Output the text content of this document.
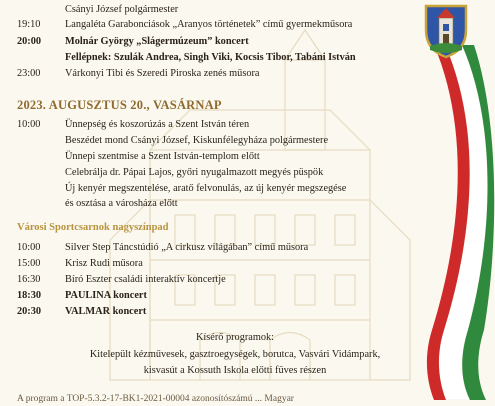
Csányi József polgármester
19:10 Langaléta Garabonciások „Aranyos történetek” című gyermekműsora
20:00 Molnár György „Slágermúzeum” koncert
Fellépnek: Szulák Andrea, Singh Viki, Kocsis Tibor, Tabáni István
23:00 Várkonyi Tibi és Szeredi Piroska zenés műsora
2023. AUGUSZTUS 20., VASÁRNAP
10:00 Ünnepség és koszorúzás a Szent István téren
Beszédet mond Csányi József, Kiskunfélegyháza polgármestere
Ünnepi szentmise a Szent István-templom előtt
Celebrálja dr. Pápai Lajos, győri nyugalmazott megyés püspök
Új kenyér megszentelése, aratő felvonulás, az új kenyér megszegése
és osztása a városháza előtt
Városi Sportcsarnok nagyszínpad
10:00 Silver Step Táncstúdió „A cirkusz világában” című műsora
15:00 Krisz Rudi műsora
16:30 Bíró Eszter családi interaktív koncertje
18:30 PAULINA koncert
20:30 VALMAR koncert
Kísérő programok:
Kitelepült kézművesek, gasztroegységek, borutca, Vasvári Vidámpark,
kisvasút a Kossuth Iskola előtti füves részen
A program a TOP-5.3.2-17-BK1-2021-00004 azonosítószámú ... Magyar
